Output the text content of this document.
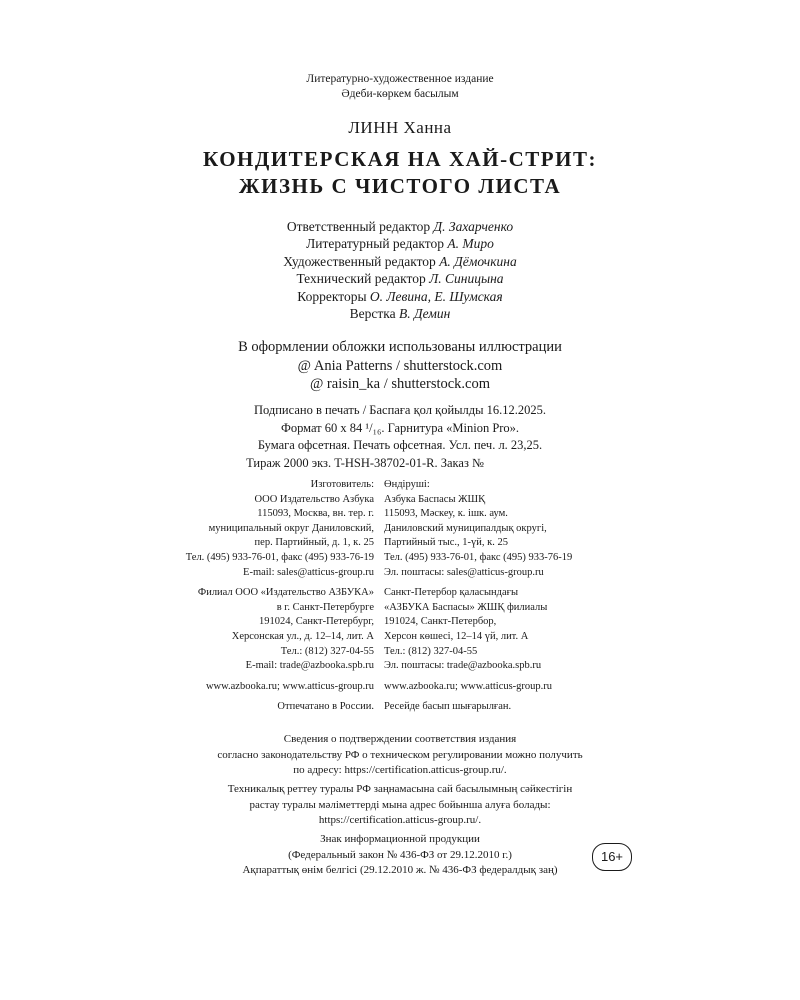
Литературно-художественное издание
Әдеби-көркем басылым
ЛИНН Ханна
КОНДИТЕРСКАЯ НА ХАЙ-СТРИТ:
ЖИЗНЬ С ЧИСТОГО ЛИСТА
Ответственный редактор Д. Захарченко
Литературный редактор А. Миро
Художественный редактор А. Дёмочкина
Технический редактор Л. Синицына
Корректоры О. Левина, Е. Шумская
Верстка В. Демин
В оформлении обложки использованы иллюстрации
@ Ania Patterns / shutterstock.com
@ raisin_ka / shutterstock.com
Подписано в печать / Баспаға қол қойылды 16.12.2025.
Формат 60 x 84 ¹/₁₆. Гарнитура «Minion Pro».
Бумага офсетная. Печать офсетная. Усл. печ. л. 23,25.
Тираж 2000 экз. T-HSH-38702-01-R. Заказ №
Изготовитель: Өндіруші:
ООО Издательство Азбука Азбука Баспасы ЖШҚ
115093, Москва, вн. тер. г. 115093, Мәскеу, к. ішк. аум.
муниципальный округ Даниловский, Даниловский муниципалдық округі,
пер. Партийный, д. 1, к. 25 Партийный тыс., 1-үй, к. 25
Тел. (495) 933-76-01, факс (495) 933-76-19 Тел. (495) 933-76-01, факс (495) 933-76-19
E-mail: sales@atticus-group.ru Эл. поштасы: sales@atticus-group.ru
Филиал ООО «Издательство АЗБУКА» Санкт-Петербор қаласындағы
в г. Санкт-Петербурге «АЗБУКА Баспасы» ЖШҚ филиалы
191024, Санкт-Петербург, 191024, Санкт-Петербор,
Херсонская ул., д. 12–14, лит. А Херсон көшесі, 12–14 үй, лит. А
Тел.: (812) 327-04-55 Тел.: (812) 327-04-55
E-mail: trade@azbooka.spb.ru Эл. поштасы: trade@azbooka.spb.ru
www.azbooka.ru; www.atticus-group.ru www.azbooka.ru; www.atticus-group.ru
Отпечатано в России. Ресейде басып шығарылған.
Сведения о подтверждении соответствия издания
согласно законодательству РФ о техническом регулировании можно получить
по адресу: https://certification.atticus-group.ru/.
Техникалық реттеу туралы РФ заңнамасына сай басылымның сәйкестігін
растау туралы мәліметтерді мына адрес бойынша алуға болады:
https://certification.atticus-group.ru/.
Знак информационной продукции
(Федеральный закон № 436-ФЗ от 29.12.2010 г.)
Ақпараттық өнім белгісі (29.12.2010 ж. № 436-ФЗ федералдық заң)
16+
